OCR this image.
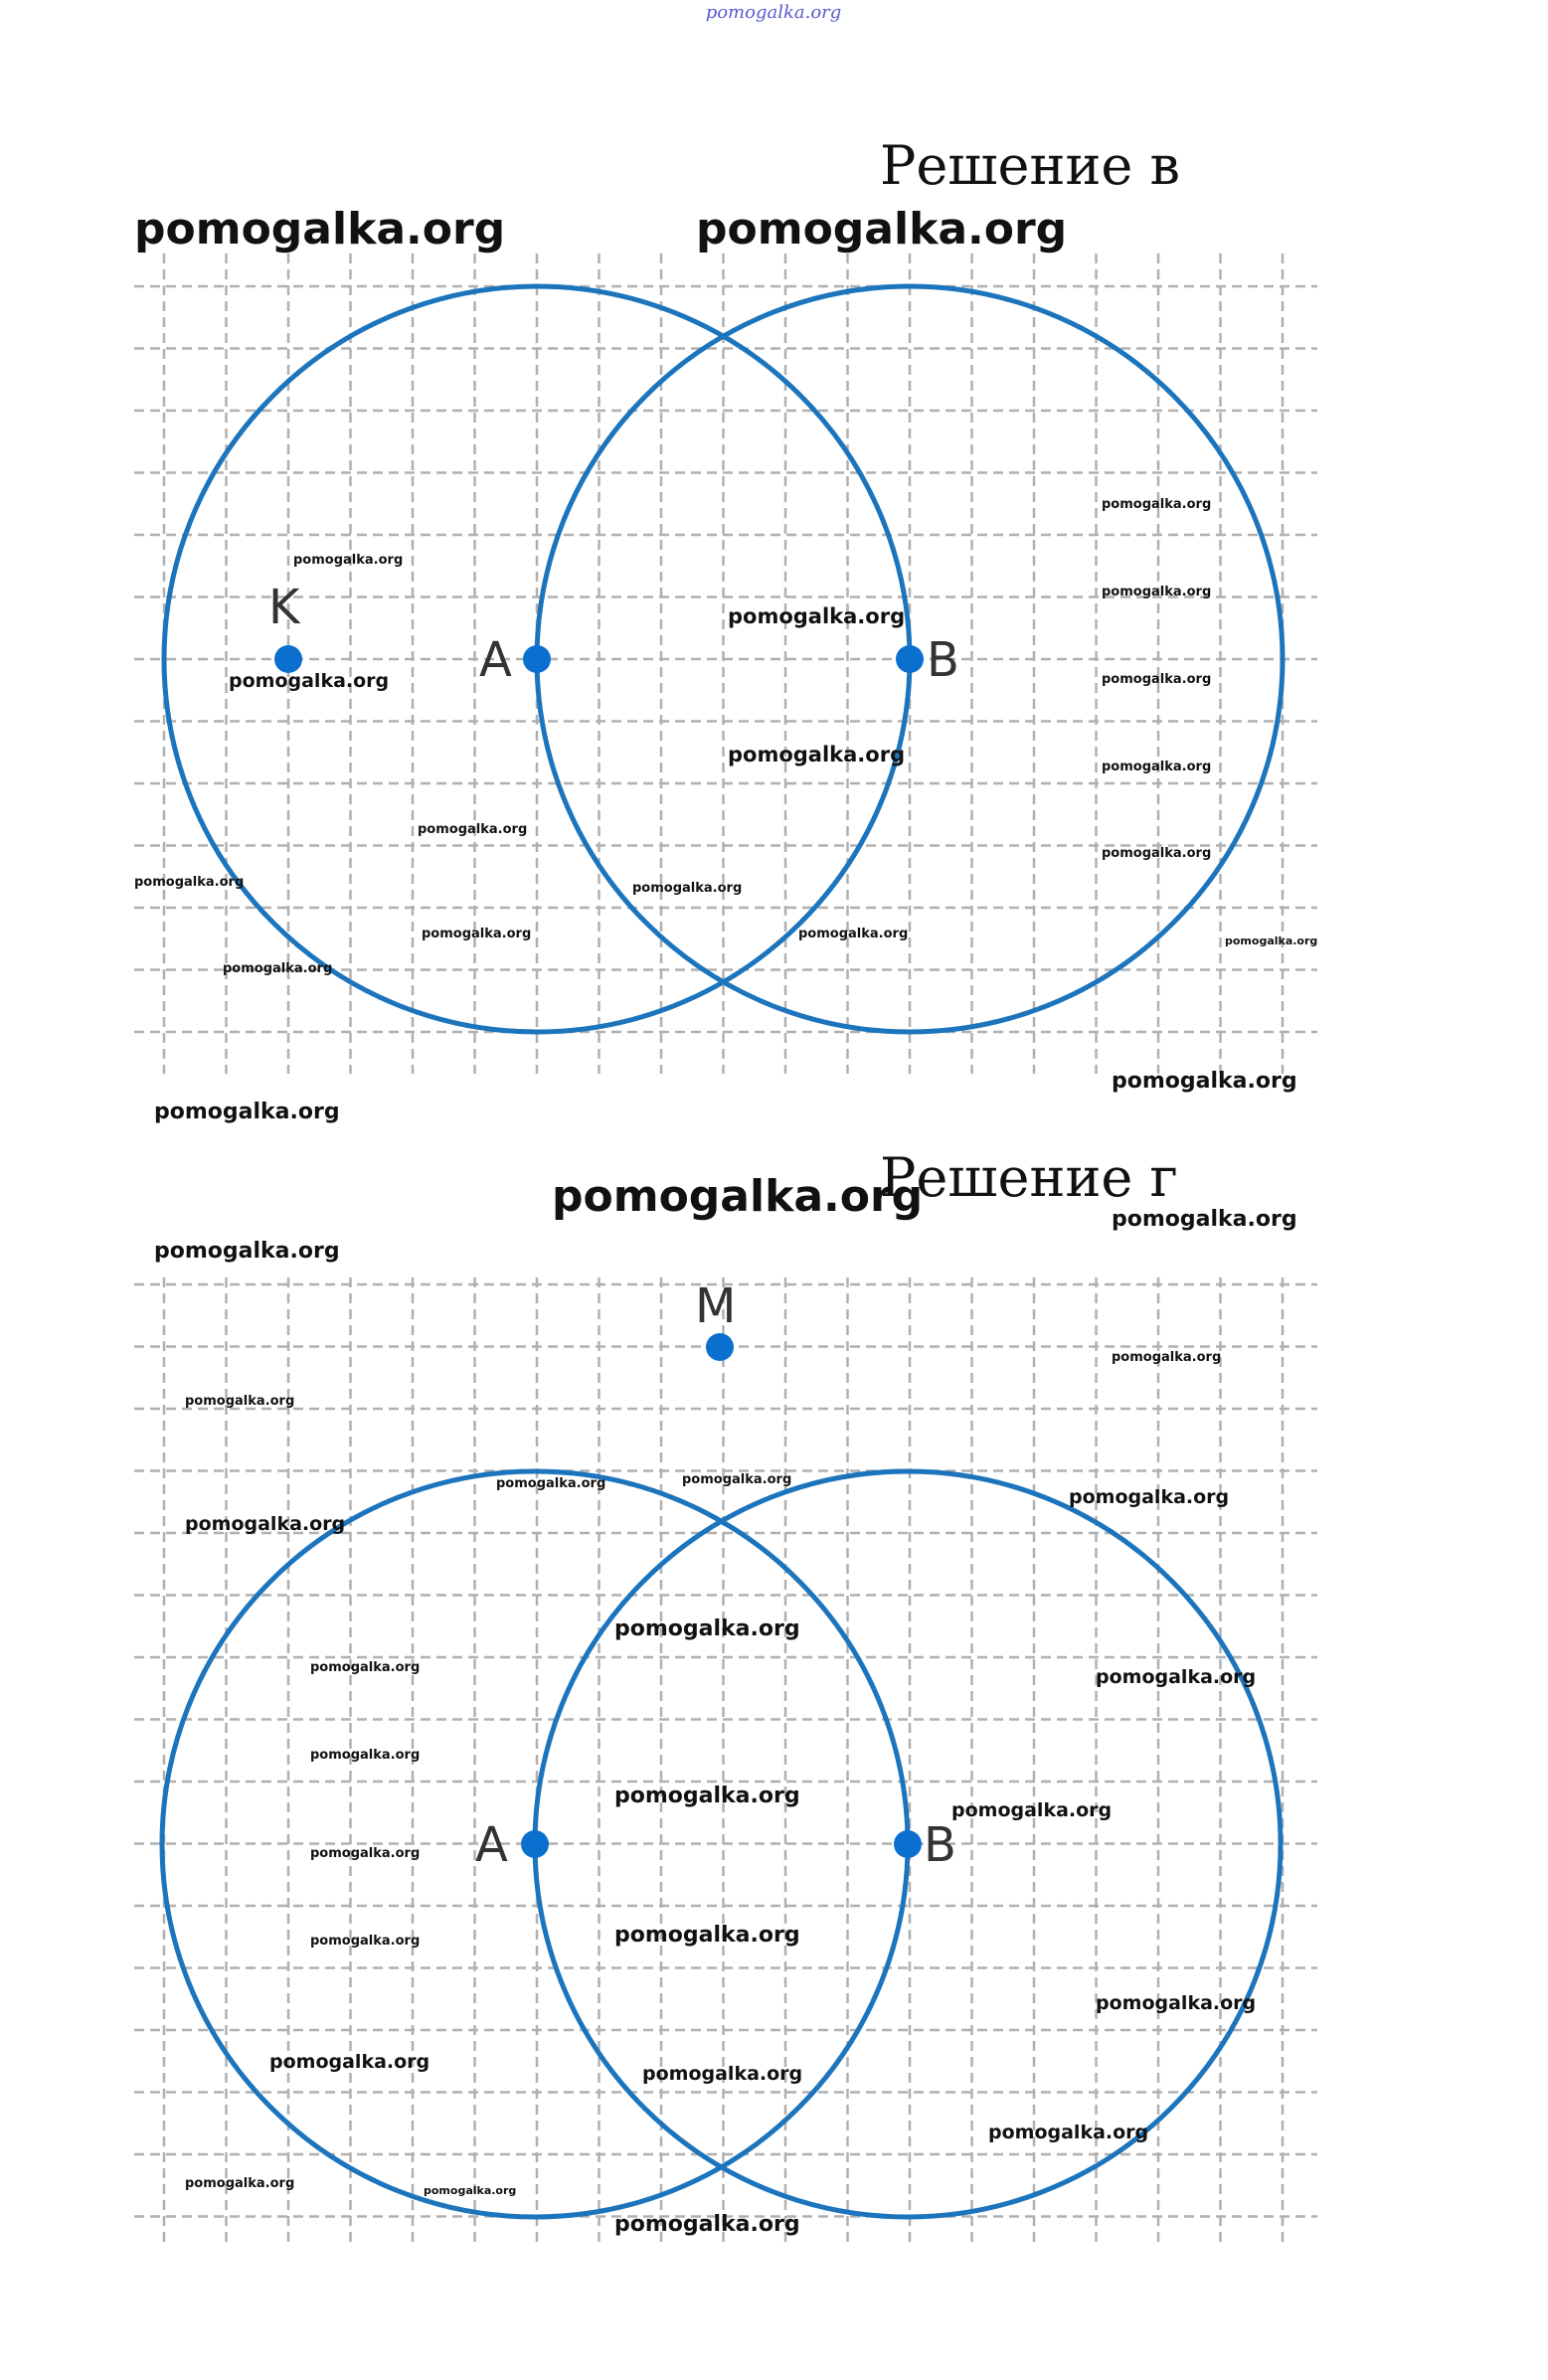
pomogalka.org
Решение в
K
A	B
pomogalka.org	pomogalka.org
pomogalka.org
pomogalka.org
pomogalka.org
pomogalka.org
pomogalka.org
pomogalka.org
pomogalka.org
pomogalka.org
pomogalka.org
pomogalka.org
pomogalka.org
pomogalka.org	pomogalka.org
pomogalka.org	pomogalka.org
pomogalka.org
pomogalka.org
pomogalka.org
Решение г
M
A	B
pomogalka.org	pomogalka.org
pomogalka.org
pomogalka.org
pomogalka.org
pomogalka.org	pomogalka.org
pomogalka.org
pomogalka.org
pomogalka.org
pomogalka.org	pomogalka.org
pomogalka.org
pomogalka.org
pomogalka.org
pomogalka.org
pomogalka.org	pomogalka.org
pomogalka.org
pomogalka.org
pomogalka.org
pomogalka.org
pomogalka.org	pomogalka.org
pomogalka.org
